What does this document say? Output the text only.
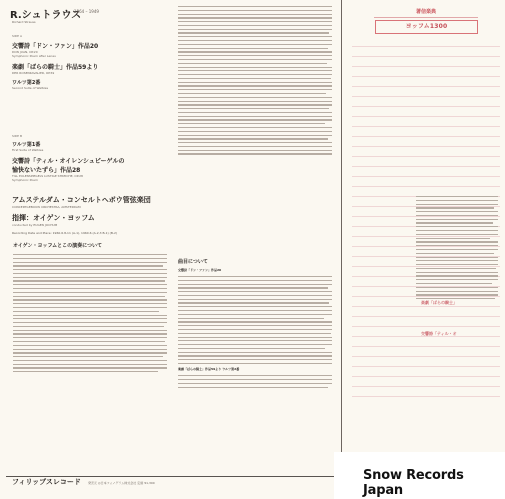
R.シュトラウス
1864 – 1949
Richard Strauss
SIDE A
交響詩「ドン・ファン」作品20
DON JUAN, OP.20
Symphonic Poem after Lenau
楽劇「ばらの騎士」作品59より
DER ROSENKAVALIER, OP.59
ワルツ第2番
Second Suite of Waltzes
SIDE B
ワルツ第1番
First Suite of Waltzes
交響詩「ティル・オイレンシュピーゲルの
愉快ないたずら」作品28
TILL EULENSPIEGELS LUSTIGE STREICHE, OP.28
Symphonic Poem
アムステルダム・コンセルトヘボウ管弦楽団
CONCERTGEBOUW ORCHESTRA, AMSTERDAM
指揮：オイゲン・ヨッフム
conducted by EUGEN JOCHUM
Recording Date and Place: 1960.6.8-11 (A-1), 1960.6 (A-2,3 B-1) (B-2)
オイゲン・ヨッフムとこの演奏について
曲目について
交響詩「ドン・ファン」作品20
楽劇「ばらの騎士」作品59より ワルツ第2番
著信楽典
ヨッフム1300
楽劇「ばらの騎士」
交響詩「ティル・オ
フィリップスレコード 発売元 ◎日本フォノグラム株式会社 定価 ¥1,300	Snow Records Japan
